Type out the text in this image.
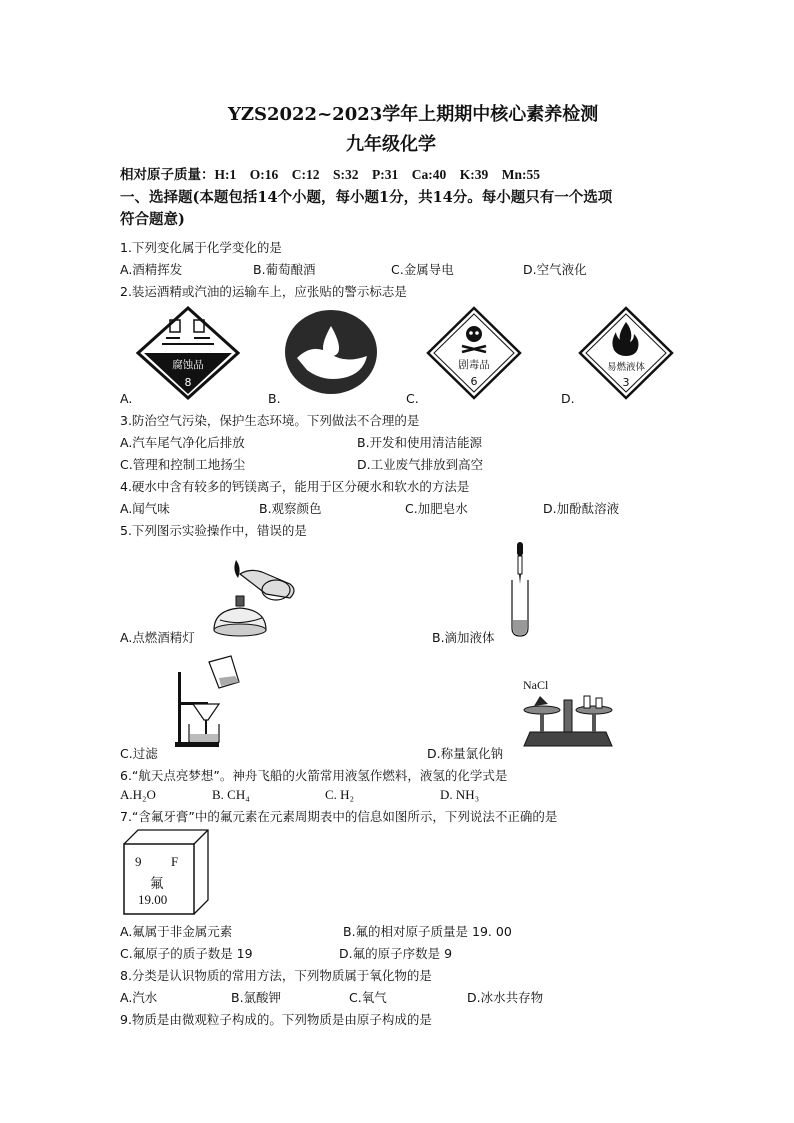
YZS2022~2023学年上期期中核心素养检测
九年级化学
相对原子质量：H:1    O:16    C:12    S:32    P:31    Ca:40    K:39    Mn:55
一、选择题(本题包括14个小题，每小题1分，共14分。每小题只有一个选项
符合题意)
1.下列变化属于化学变化的是
A.酒精挥发	B.葡萄酿酒	C.金属导电	D.空气液化
2.装运酒精或汽油的运输车上，应张贴的警示标志是
腐蚀品
8
A.	B.
剧毒品
6
C.
易燃液体
3
D.
3.防治空气污染，保护生态环境。下列做法不合理的是
A.汽车尾气净化后排放	B.开发和使用清洁能源
C.管理和控制工地扬尘	D.工业废气排放到高空
4.硬水中含有较多的钙镁离子，能用于区分硬水和软水的方法是
A.闻气味	B.观察颜色	C.加肥皂水	D.加酚酞溶液
5.下列图示实验操作中，错误的是
A.点燃酒精灯	B.滴加液体
C.过滤
NaCl
D.称量氯化钠
6.“航天点亮梦想”。神舟飞船的火箭常用液氢作燃料，液氢的化学式是
A.H₂O	B. CH₄	C. H₂	D. NH₃
7.“含氟牙膏”中的氟元素在元素周期表中的信息如图所示，下列说法不正确的是
9 F
氟
19.00
A.氟属于非金属元素	B.氟的相对原子质量是 19. 00
C.氟原子的质子数是 19	D.氟的原子序数是 9
8.分类是认识物质的常用方法，下列物质属于氧化物的是
A.汽水	B.氯酸钾	C.氧气	D.冰水共存物
9.物质是由微观粒子构成的。下列物质是由原子构成的是
